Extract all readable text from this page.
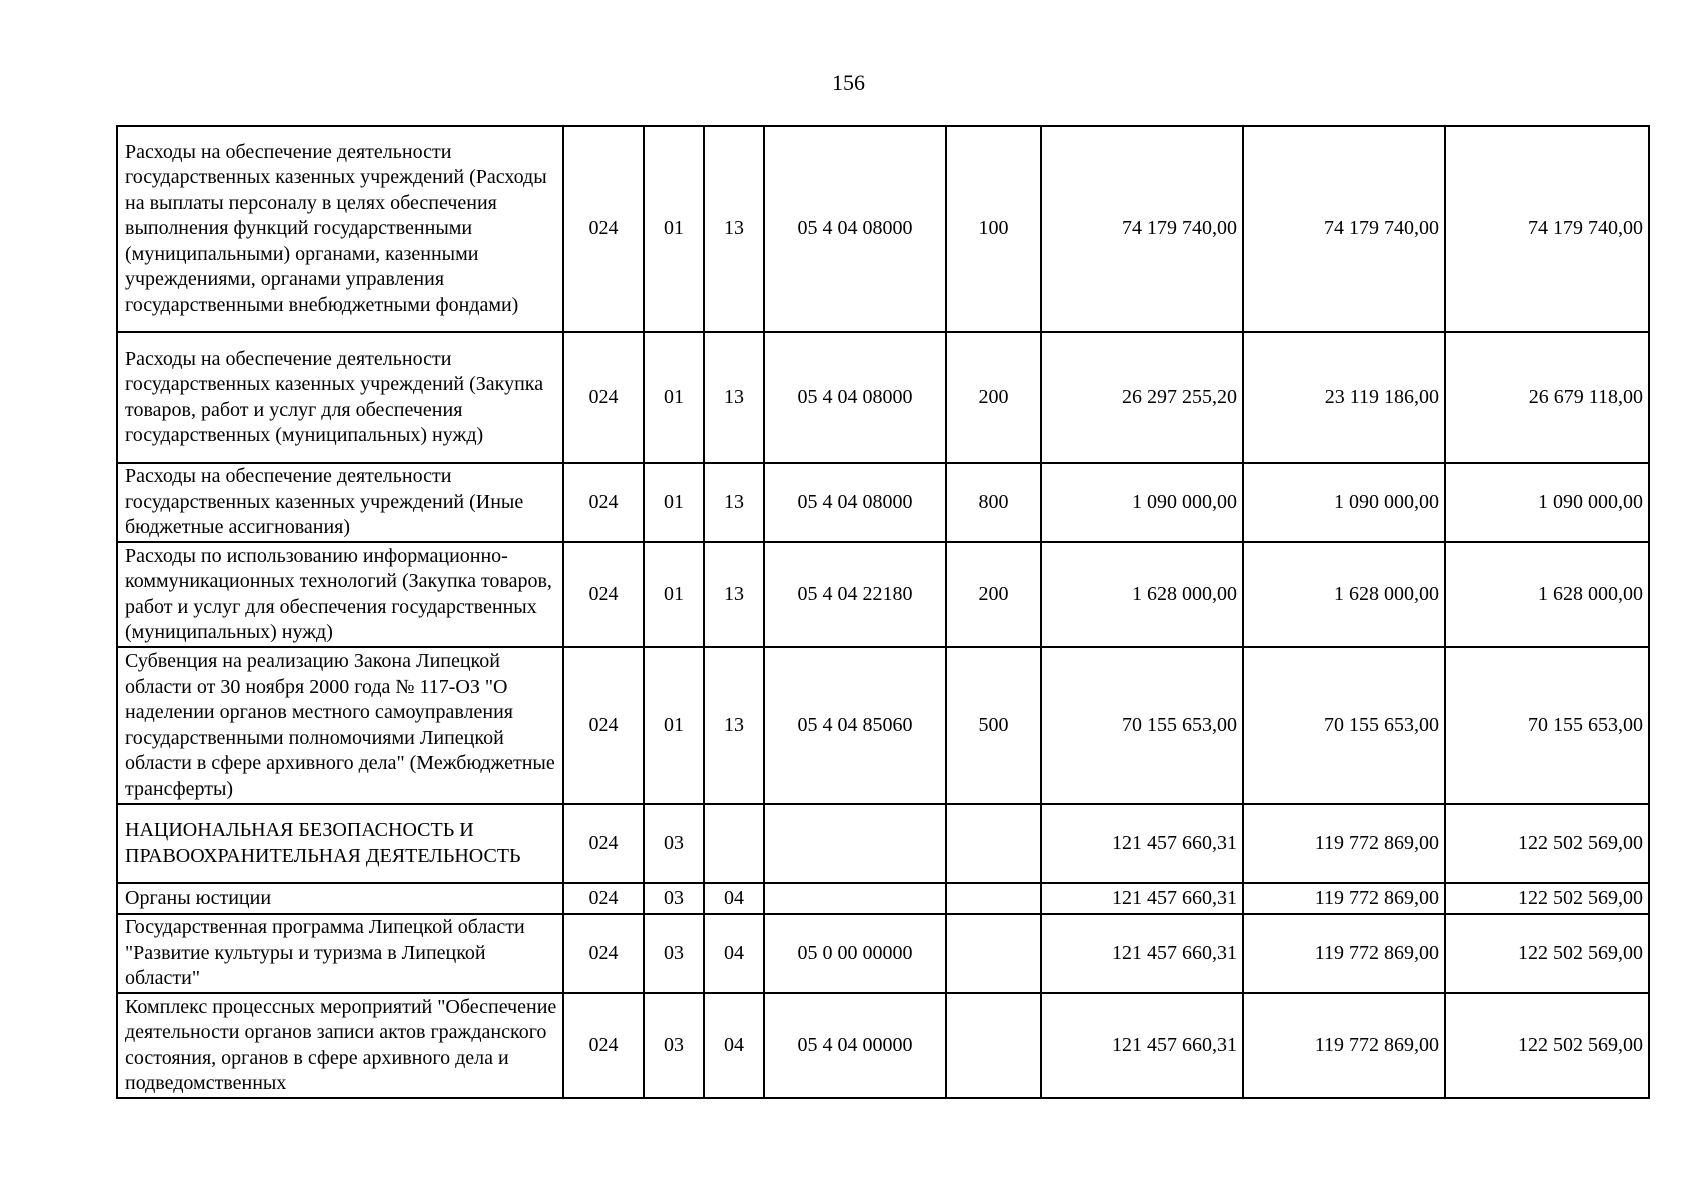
156
Расходы на обеспечение деятельности государственных казенных учреждений (Расходы на выплаты персоналу в целях обеспечения выполнения функций государственными (муниципальными) органами, казенными учреждениями, органами управления государственными внебюджетными фондами)	024	01	13	05 4 04 08000	100	74 179 740,00	74 179 740,00	74 179 740,00
Расходы на обеспечение деятельности государственных казенных учреждений (Закупка товаров, работ и услуг для обеспечения государственных (муниципальных) нужд)	024	01	13	05 4 04 08000	200	26 297 255,20	23 119 186,00	26 679 118,00
Расходы на обеспечение деятельности государственных казенных учреждений (Иные бюджетные ассигнования)	024	01	13	05 4 04 08000	800	1 090 000,00	1 090 000,00	1 090 000,00
Расходы по использованию информационно-коммуникационных технологий (Закупка товаров, работ и услуг для обеспечения государственных (муниципальных) нужд)	024	01	13	05 4 04 22180	200	1 628 000,00	1 628 000,00	1 628 000,00
Субвенция на реализацию Закона Липецкой области от 30 ноября 2000 года № 117-ОЗ "О наделении органов местного самоуправления государственными полномочиями Липецкой области в сфере архивного дела" (Межбюджетные трансферты)	024	01	13	05 4 04 85060	500	70 155 653,00	70 155 653,00	70 155 653,00
НАЦИОНАЛЬНАЯ БЕЗОПАСНОСТЬ И ПРАВООХРАНИТЕЛЬНАЯ ДЕЯТЕЛЬНОСТЬ	024	03				121 457 660,31	119 772 869,00	122 502 569,00
Органы юстиции	024	03	04			121 457 660,31	119 772 869,00	122 502 569,00
Государственная программа Липецкой области "Развитие культуры и туризма в Липецкой области"	024	03	04	05 0 00 00000		121 457 660,31	119 772 869,00	122 502 569,00
Комплекс процессных мероприятий "Обеспечение деятельности органов записи актов гражданского состояния, органов в сфере архивного дела и подведомственных	024	03	04	05 4 04 00000		121 457 660,31	119 772 869,00	122 502 569,00
